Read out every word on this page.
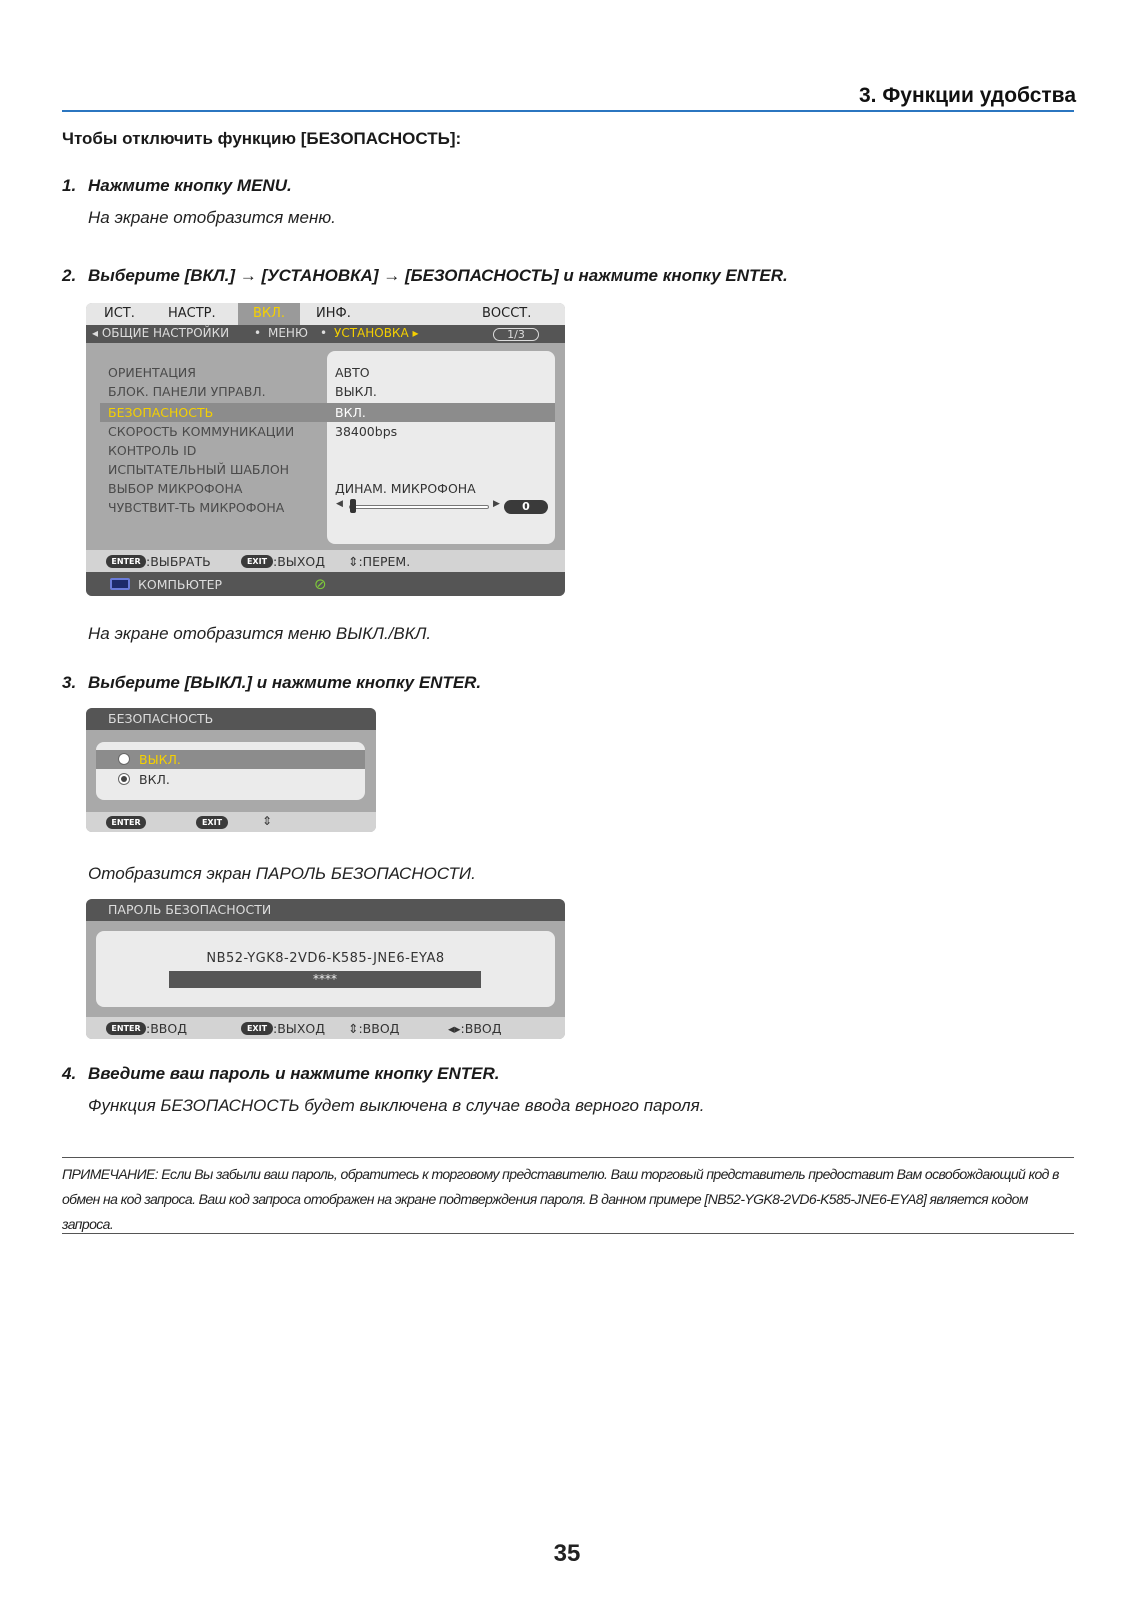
3. Функции удобства
Чтобы отключить функцию [БЕЗОПАСНОСТЬ]:
1. Нажмите кнопку MENU.
На экране отобразится меню.
2. Выберите [ВКЛ.] → [УСТАНОВКА] → [БЕЗОПАСНОСТЬ] и нажмите кнопку ENTER.
ИСТ.	НАСТР.	ВКЛ.	ИНФ.	ВОССТ.
◂ ОБЩИЕ НАСТРОЙКИ • МЕНЮ • УСТАНОВКА ▸	1/3
ОРИЕНТАЦИЯ	АВТО
БЛОК. ПАНЕЛИ УПРАВЛ.	ВЫКЛ.
БЕЗОПАСНОСТЬ	ВКЛ.
СКОРОСТЬ КОММУНИКАЦИИ	38400bps
КОНТРОЛЬ ID
ИСПЫТАТЕЛЬНЫЙ ШАБЛОН
ВЫБОР МИКРОФОНА	ДИНАМ. МИКРОФОНА
ЧУВСТВИТ-ТЬ МИКРОФОНА	◀	▶	0
ENTER :ВЫБРАТЬ	EXIT :ВЫХОД ⇕:ПЕРЕМ.
КОМПЬЮТЕР	⊘
На экране отобразится меню ВЫКЛ./ВКЛ.
3. Выберите [ВЫКЛ.] и нажмите кнопку ENTER.
БЕЗОПАСНОСТЬ
ВЫКЛ.
ВКЛ.
ENTER	EXIT	⇕
Отобразится экран ПАРОЛЬ БЕЗОПАСНОСТИ.
ПАРОЛЬ БЕЗОПАСНОСТИ
NB52-YGK8-2VD6-K585-JNE6-EYA8
****
ENTER :ВВОД	EXIT :ВЫХОД ⇕:ВВОД	◂▸:ВВОД
4. Введите ваш пароль и нажмите кнопку ENTER.
Функция БЕЗОПАСНОСТЬ будет выключена в случае ввода верного пароля.
ПРИМЕЧАНИЕ: Если Вы забыли ваш пароль, обратитесь к торговому представителю. Ваш торговый представитель предоставит Вам освобождающий код в обмен на код запроса. Ваш код запроса отображен на экране подтверждения пароля. В данном примере [NB52-YGK8-2VD6-K585-JNE6-EYA8] является кодом запроса.
35
